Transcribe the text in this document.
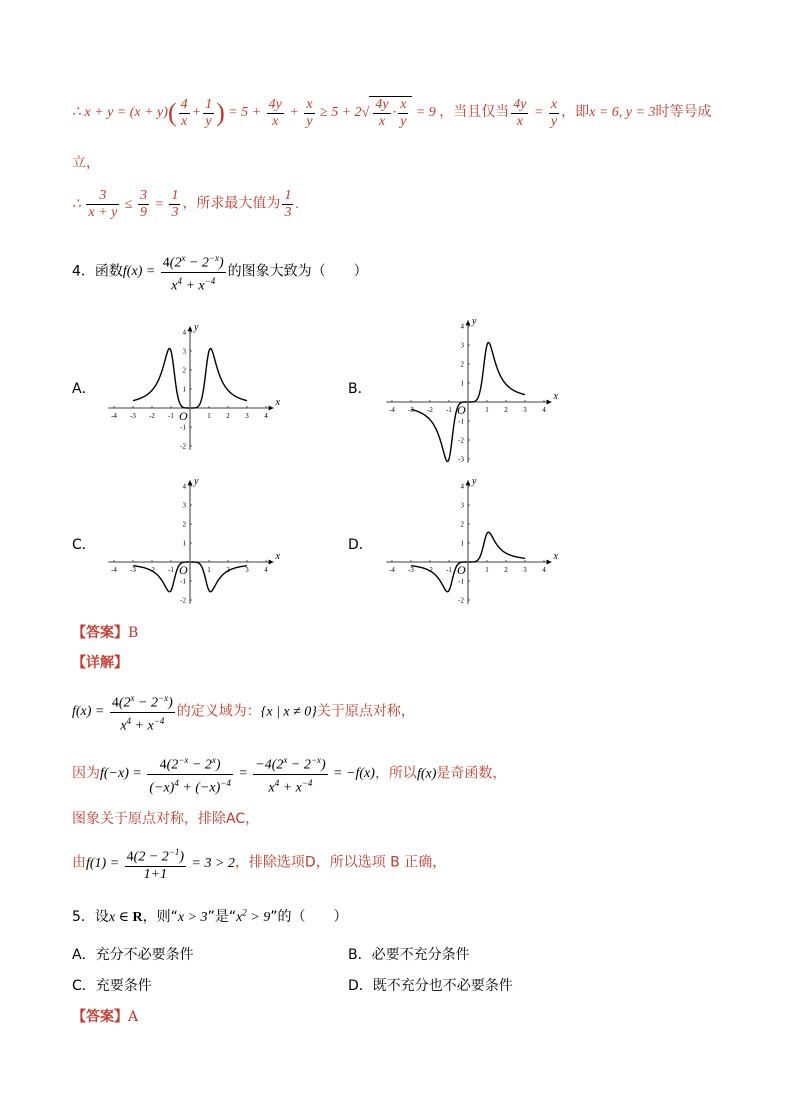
∴ $x + y = (x + y)( \frac{4}{x} + \frac{1}{y}$ ) = $5 + \frac{4y}{x} + \frac{x}{y} \ge 5 + 2√ \frac{4y}{x} \cdot \frac{x}{y} = 9$ ，当且仅当 $\frac{4y}{x} = \frac{x}{y}$ ，即x = 6, y = 3时等号成
立，
∴ $\frac{3}{x + y} \le \frac{3}{9} = \frac{1}{3}$ ，所求最大值为 $\frac{1}{3}$ .
4．函数$f(x) = \frac{4(2^x - 2^{-x})}{x^4 + x^{-4}}$ 的图象大致为（　　）
A．	B．
C．	D．
-4 -3 -2 -1	1 2 3 4
4
3
2
1
-1
-2
x
y
O	-4 -3 -2 -1	1 2 3 4
4
3
2
1
-1
-2
-3
x
y
O
-4 -3 -2 -1	1 2 3 4
4
3
2
1
-1
-2
x
y
O	-4 -3 -2 -1	1 2 3 4
4
3
2
1
-1
-2
x
y
O
【答案】B
【详解】
$f(x) = \frac{4(2^x - 2^{-x})}{x^4 + x^{-4}}$ 的定义域为：{x | x ≠ 0}关于原点对称，
因为$f(-x) = \frac{4(2^{-x} - 2^x)}{(-x)^4 + (-x)^{-4}} = \frac{-4(2^x - 2^{-x})}{x^4 + x^{-4}} = -f(x)$，所以f(x)是奇函数，
图象关于原点对称，排除AC，
由$f(1) = \frac{4(2 - 2^{-1})}{1+1} = 3 > 2$，排除选项D，所以选项 B 正确，
5．设x ∈ R，则“x > 3”是“$x^2 > 9$”的（　　）
A．充分不必要条件	B．必要不充分条件
C．充要条件	D．既不充分也不必要条件
【答案】A
